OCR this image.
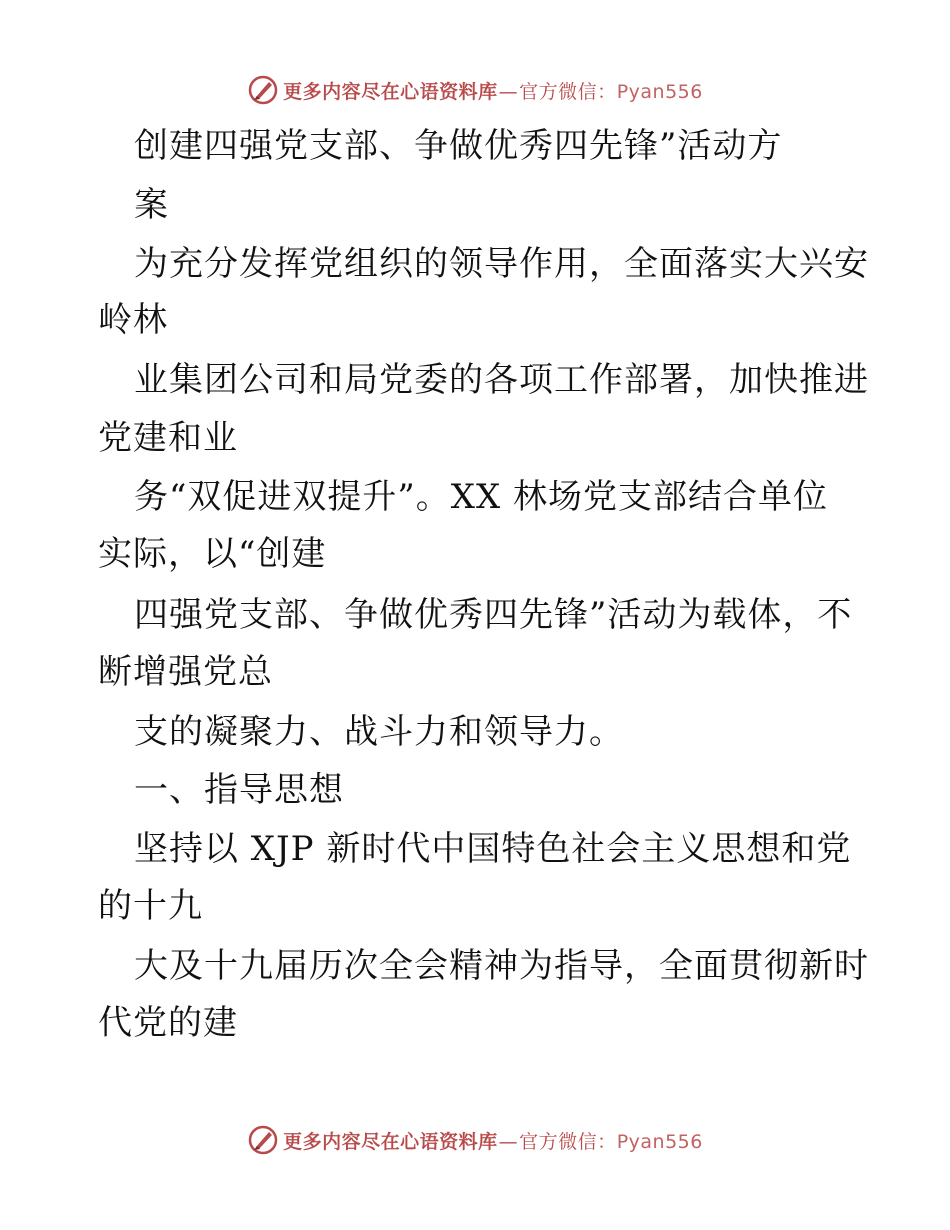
更多内容尽在心语资料库—官方微信：Pyan556
创建四强党支部、争做优秀四先锋”活动方
案
为充分发挥党组织的领导作用，全面落实大兴安
岭林
业集团公司和局党委的各项工作部署，加快推进
党建和业
务“双促进双提升”。XX 林场党支部结合单位
实际，以“创建
四强党支部、争做优秀四先锋”活动为载体，不
断增强党总
支的凝聚力、战斗力和领导力。
一、指导思想
坚持以 XJP 新时代中国特色社会主义思想和党
的十九
大及十九届历次全会精神为指导，全面贯彻新时
代党的建
更多内容尽在心语资料库—官方微信：Pyan556
